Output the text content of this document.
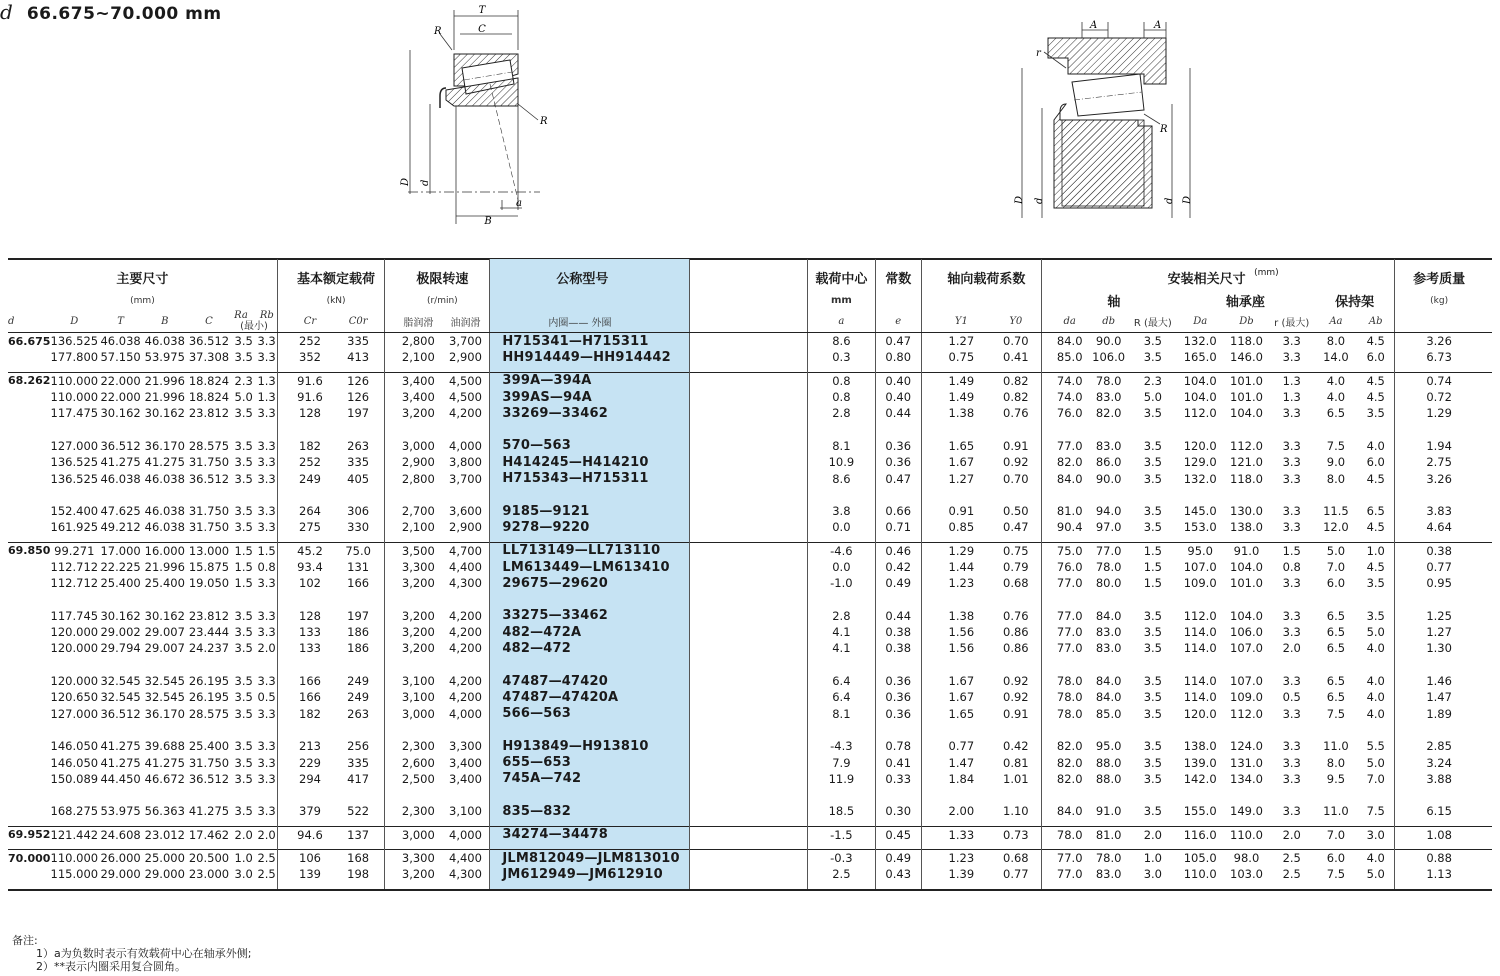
T
C
R
R
D d
a
B
A	A
r
R
D d	d D
d 66.675~70.000 mm
主要尺寸								基本额定载荷			极限转速			公称型号		载荷中心	常数		轴向载荷系数			安装相关尺寸 $^{(mm)}$									参考质量	
(mm)								(kN)			(r/min)					mm						轴			轴承座			保持架			(kg)	
d	D	T	B	C	Ra Rb
(最小)			Cr	C0r		脂润滑	油润滑		内圈—— 外圈		a	e		Y1	Y0		da	db	R (最大)	Da	Db	r (最大)	Aa	Ab			
66.675	136.525	46.038	46.038	36.512	3.5	3.3		252	335		2,800	3,700		H715341—H715311		8.6	0.47		1.27	0.70		84.0	90.0	3.5	132.0	118.0	3.3	8.0	4.5		3.26	
	177.800	57.150	53.975	37.308	3.5	3.3		352	413		2,100	2,900		HH914449—HH914442		0.3	0.80		0.75	0.41		85.0	106.0	3.5	165.0	146.0	3.3	14.0	6.0		6.73	

68.262	110.000	22.000	21.996	18.824	2.3	1.3		91.6	126		3,400	4,500		399A—394A		0.8	0.40		1.49	0.82		74.0	78.0	2.3	104.0	101.0	1.3	4.0	4.5		0.74	
	110.000	22.000	21.996	18.824	5.0	1.3		91.6	126		3,400	4,500		399AS—94A		0.8	0.40		1.49	0.82		74.0	83.0	5.0	104.0	101.0	1.3	4.0	4.5		0.72	
	117.475	30.162	30.162	23.812	3.5	3.3		128	197		3,200	4,200		33269—33462		2.8	0.44		1.38	0.76		76.0	82.0	3.5	112.0	104.0	3.3	6.5	3.5		1.29	

	127.000	36.512	36.170	28.575	3.5	3.3		182	263		3,000	4,000		570—563		8.1	0.36		1.65	0.91		77.0	83.0	3.5	120.0	112.0	3.3	7.5	4.0		1.94	
	136.525	41.275	41.275	31.750	3.5	3.3		252	335		2,900	3,800		H414245—H414210		10.9	0.36		1.67	0.92		82.0	86.0	3.5	129.0	121.0	3.3	9.0	6.0		2.75	
	136.525	46.038	46.038	36.512	3.5	3.3		249	405		2,800	3,700		H715343—H715311		8.6	0.47		1.27	0.70		84.0	90.0	3.5	132.0	118.0	3.3	8.0	4.5		3.26	

	152.400	47.625	46.038	31.750	3.5	3.3		264	306		2,700	3,600		9185—9121		3.8	0.66		0.91	0.50		81.0	94.0	3.5	145.0	130.0	3.3	11.5	6.5		3.83	
	161.925	49.212	46.038	31.750	3.5	3.3		275	330		2,100	2,900		9278—9220		0.0	0.71		0.85	0.47		90.4	97.0	3.5	153.0	138.0	3.3	12.0	4.5		4.64	

69.850	99.271	17.000	16.000	13.000	1.5	1.5		45.2	75.0		3,500	4,700		LL713149—LL713110		-4.6	0.46		1.29	0.75		75.0	77.0	1.5	95.0	91.0	1.5	5.0	1.0		0.38	
	112.712	22.225	21.996	15.875	1.5	0.8		93.4	131		3,300	4,400		LM613449—LM613410		0.0	0.42		1.44	0.79		76.0	78.0	1.5	107.0	104.0	0.8	7.0	4.5		0.77	
	112.712	25.400	25.400	19.050	1.5	3.3		102	166		3,200	4,300		29675—29620		-1.0	0.49		1.23	0.68		77.0	80.0	1.5	109.0	101.0	3.3	6.0	3.5		0.95	

	117.745	30.162	30.162	23.812	3.5	3.3		128	197		3,200	4,200		33275—33462		2.8	0.44		1.38	0.76		77.0	84.0	3.5	112.0	104.0	3.3	6.5	3.5		1.25	
	120.000	29.002	29.007	23.444	3.5	3.3		133	186		3,200	4,200		482—472A		4.1	0.38		1.56	0.86		77.0	83.0	3.5	114.0	106.0	3.3	6.5	5.0		1.27	
	120.000	29.794	29.007	24.237	3.5	2.0		133	186		3,200	4,200		482—472		4.1	0.38		1.56	0.86		77.0	83.0	3.5	114.0	107.0	2.0	6.5	4.0		1.30	

	120.000	32.545	32.545	26.195	3.5	3.3		166	249		3,100	4,200		47487—47420		6.4	0.36		1.67	0.92		78.0	84.0	3.5	114.0	107.0	3.3	6.5	4.0		1.46	
	120.650	32.545	32.545	26.195	3.5	0.5		166	249		3,100	4,200		47487—47420A		6.4	0.36		1.67	0.92		78.0	84.0	3.5	114.0	109.0	0.5	6.5	4.0		1.47	
	127.000	36.512	36.170	28.575	3.5	3.3		182	263		3,000	4,000		566—563		8.1	0.36		1.65	0.91		78.0	85.0	3.5	120.0	112.0	3.3	7.5	4.0		1.89	

	146.050	41.275	39.688	25.400	3.5	3.3		213	256		2,300	3,300		H913849—H913810		-4.3	0.78		0.77	0.42		82.0	95.0	3.5	138.0	124.0	3.3	11.0	5.5		2.85	
	146.050	41.275	41.275	31.750	3.5	3.3		229	335		2,600	3,400		655—653		7.9	0.41		1.47	0.81		82.0	88.0	3.5	139.0	131.0	3.3	8.0	5.0		3.24	
	150.089	44.450	46.672	36.512	3.5	3.3		294	417		2,500	3,400		745A—742		11.9	0.33		1.84	1.01		82.0	88.0	3.5	142.0	134.0	3.3	9.5	7.0		3.88	

	168.275	53.975	56.363	41.275	3.5	3.3		379	522		2,300	3,100		835—832		18.5	0.30		2.00	1.10		84.0	91.0	3.5	155.0	149.0	3.3	11.0	7.5		6.15	

69.952	121.442	24.608	23.012	17.462	2.0	2.0		94.6	137		3,000	4,000		34274—34478		-1.5	0.45		1.33	0.73		78.0	81.0	2.0	116.0	110.0	2.0	7.0	3.0		1.08	

70.000	110.000	26.000	25.000	20.500	1.0	2.5		106	168		3,300	4,400		JLM812049—JLM813010		-0.3	0.49		1.23	0.68		77.0	78.0	1.0	105.0	98.0	2.5	6.0	4.0		0.88	
	115.000	29.000	29.000	23.000	3.0	2.5		139	198		3,200	4,300		JM612949—JM612910		2.5	0.43		1.39	0.77		77.0	83.0	3.0	110.0	103.0	2.5	7.5	5.0		1.13	

备注:
1）a为负数时表示有效载荷中心在轴承外侧;
2）**表示内圈采用复合圆角。
